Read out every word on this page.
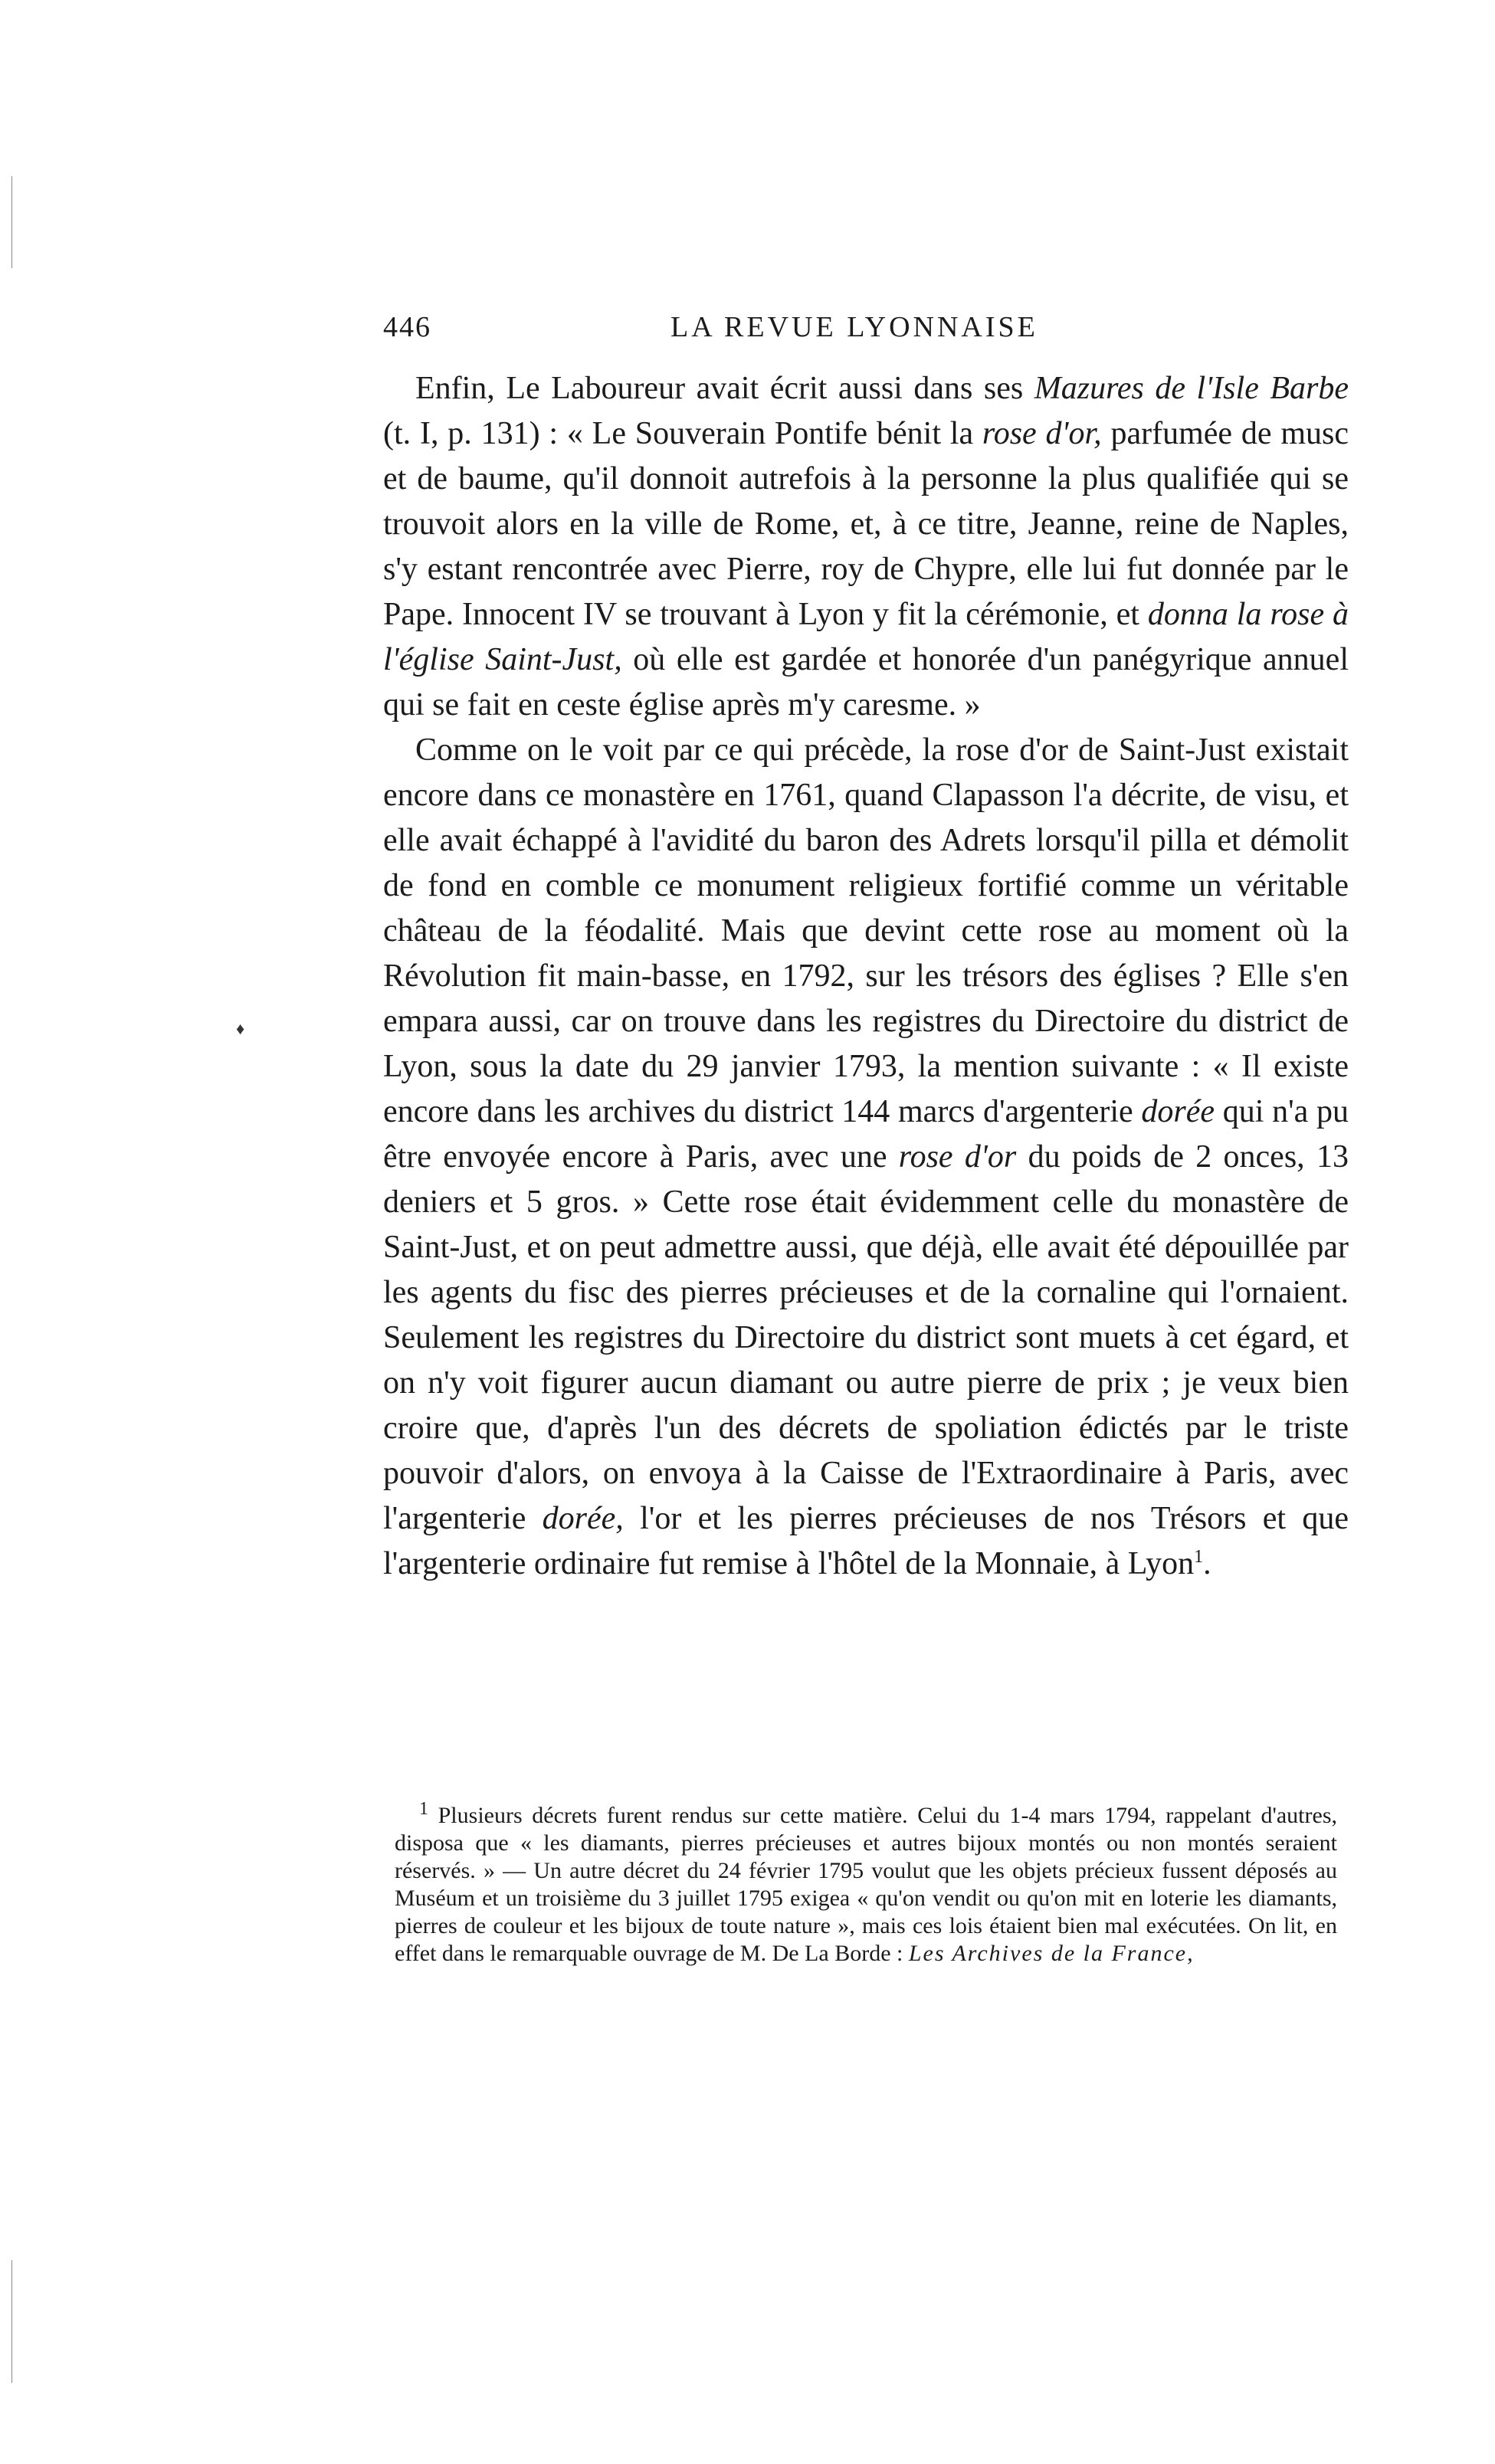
♦
446	LA REVUE LYONNAISE

Enfin, Le Laboureur avait écrit aussi dans ses Mazures de l'Isle Barbe (t. I, p. 131) : « Le Souverain Pontife bénit la rose d'or, parfumée de musc et de baume, qu'il donnoit autrefois à la personne la plus qualifiée qui se trouvoit alors en la ville de Rome, et, à ce titre, Jeanne, reine de Naples, s'y estant rencontrée avec Pierre, roy de Chypre, elle lui fut donnée par le Pape. Innocent IV se trouvant à Lyon y fit la cérémonie, et donna la rose à l'église Saint-Just, où elle est gardée et honorée d'un panégyrique annuel qui se fait en ceste église après m'y caresme. »

Comme on le voit par ce qui précède, la rose d'or de Saint-Just existait encore dans ce monastère en 1761, quand Clapasson l'a décrite, de visu, et elle avait échappé à l'avidité du baron des Adrets lorsqu'il pilla et démolit de fond en comble ce monument religieux fortifié comme un véritable château de la féodalité. Mais que devint cette rose au moment où la Révolution fit main-basse, en 1792, sur les trésors des églises ? Elle s'en empara aussi, car on trouve dans les registres du Directoire du district de Lyon, sous la date du 29 janvier 1793, la mention suivante : « Il existe encore dans les archives du district 144 marcs d'argenterie dorée qui n'a pu être envoyée encore à Paris, avec une rose d'or du poids de 2 onces, 13 deniers et 5 gros. » Cette rose était évidemment celle du monastère de Saint-Just, et on peut admettre aussi, que déjà, elle avait été dépouillée par les agents du fisc des pierres précieuses et de la cornaline qui l'ornaient. Seulement les registres du Directoire du district sont muets à cet égard, et on n'y voit figurer aucun diamant ou autre pierre de prix ; je veux bien croire que, d'après l'un des décrets de spoliation édictés par le triste pouvoir d'alors, on envoya à la Caisse de l'Extraordinaire à Paris, avec l'argenterie dorée, l'or et les pierres précieuses de nos Trésors et que l'argenterie ordinaire fut remise à l'hôtel de la Monnaie, à Lyon$^1$.

$^1$ Plusieurs décrets furent rendus sur cette matière. Celui du 1-4 mars 1794, rappelant d'autres, disposa que « les diamants, pierres précieuses et autres bijoux montés ou non montés seraient réservés. » — Un autre décret du 24 février 1795 voulut que les objets précieux fussent déposés au Muséum et un troisième du 3 juillet 1795 exigea « qu'on vendit ou qu'on mit en loterie les diamants, pierres de couleur et les bijoux de toute nature », mais ces lois étaient bien mal exécutées. On lit, en effet dans le remarquable ouvrage de M. De La Borde : Les Archives de la France,
